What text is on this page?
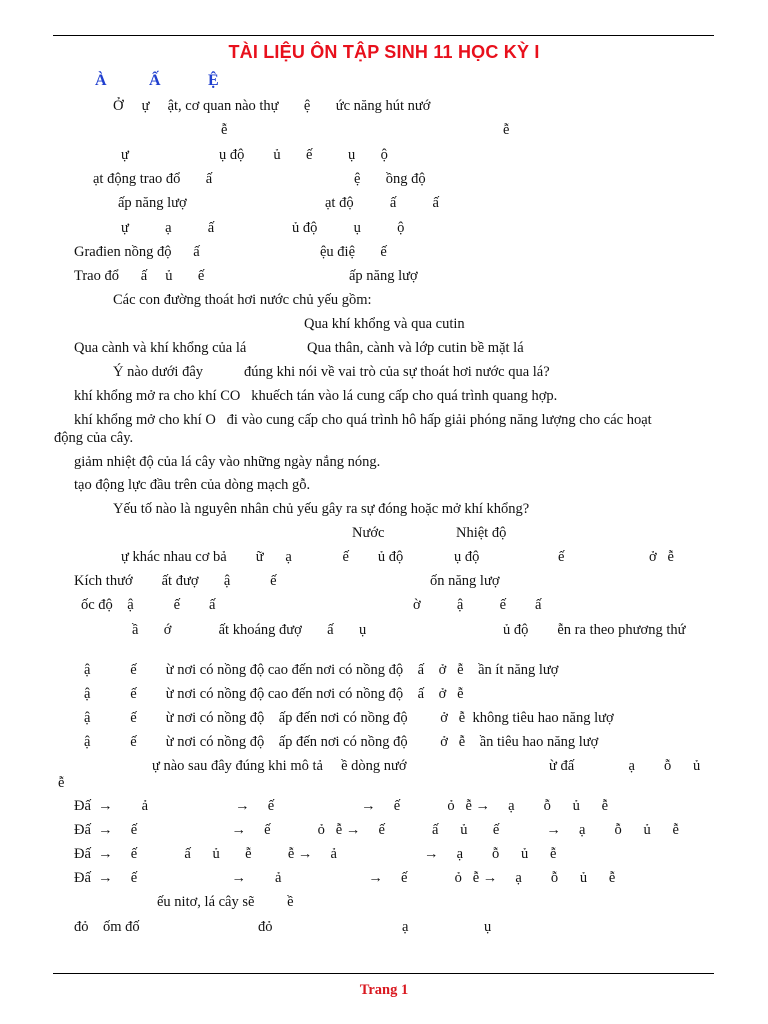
TÀI LIỆU ÔN TẬP SINH 11 HỌC KỲ I
À	Ấ	Ệ
Ở     ự     ật, cơ quan nào thự       ệ       ức năng hút nướ
ễ	ễ
ự	ụ độ        ủ       ế ụ       ộ
ạt động trao đổ       ấ	ệ       ồng độ
ấp năng lượ	ạt độ          ấ          ấ
ự          ạ          ấ	ủ độ          ụ          ộ
Građien nồng độ      ấ	ệu điệ       ế
Trao đổ      ấ     ủ       ế	ấp năng lượ
Các con đường thoát hơi nước chủ yếu gồm:
Qua khí khổng và qua cutin
Qua cành và khí khổng của lá	Qua thân, cành và lớp cutin bề mặt lá
Ý nào dưới đây	đúng khi nói về vai trò của sự thoát hơi nước qua lá?
khí khổng mở ra cho khí CO   khuếch tán vào lá cung cấp cho quá trình quang hợp.
khí khổng mở cho khí O   đi vào cung cấp cho quá trình hô hấp giải phóng năng lượng cho các hoạt
động của cây.
giảm nhiệt độ của lá cây vào những ngày nắng nóng.
tạo động lực đầu trên của dòng mạch gỗ.
Yếu tố nào là nguyên nhân chủ yếu gây ra sự đóng hoặc mở khí khổng?
Nước	Nhiệt độ
ự khác nhau cơ bả        ữ      ạ              ế        ủ độ              ụ độ	ế	ở   ễ
Kích thướ        ất đượ       ậ           ế	ốn năng lượ
ốc độ    ậ           ế        ấ	ờ          ậ          ế        ấ
ầ       ớ             ất khoáng đượ       ấ       ụ	ủ độ        ễn ra theo phương thứ
ậ           ế        ừ nơi có nồng độ cao đến nơi có nồng độ    ấ    ở   ễ    ần ít năng lượ
ậ           ế        ừ nơi có nồng độ cao đến nơi có nồng độ    ấ    ở   ễ
ậ           ế        ừ nơi có nồng độ    ấp đến nơi có nồng độ         ở   ễ  không tiêu hao năng lượ
ậ           ế        ừ nơi có nồng độ    ấp đến nơi có nồng độ         ở   ễ    ần tiêu hao năng lượ
ự nào sau đây đúng khi mô tả     ề dòng nướ	ừ đấ               ạ        ỗ      ủ
ễ
Đấ  →        ả                        →     ế                        →     ế             ỏ   ễ →     ạ        ỗ      ủ      ễ
Đấ  →     ế                          →     ế             ỏ   ễ →     ế             ấ      ủ       ế             →     ạ        ỗ      ủ      ễ
Đấ  →     ế             ấ      ủ       ễ          ễ →     ả                        →     ạ        ỗ      ủ      ễ
Đấ  →     ế                          →        ả                        →     ế             ỏ   ễ →     ạ        ỗ      ủ      ễ
ếu nitơ, lá cây sẽ         ề
đỏ    ốm đố	đỏ	ạ	ụ
Trang 1
